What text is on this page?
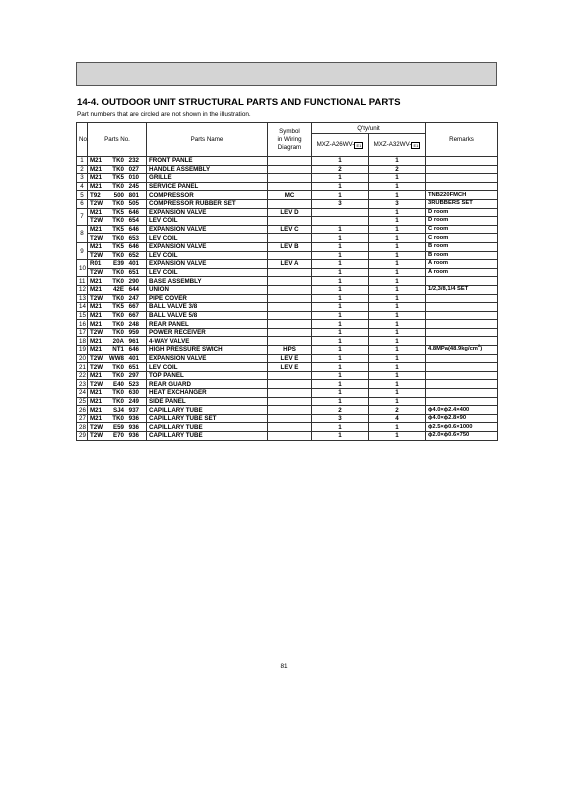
14-4. OUTDOOR UNIT STRUCTURAL PARTS AND FUNCTIONAL PARTS
Part numbers that are circled are not shown in the illustration.
No.	Parts No.	Parts Name	Symbol
in Wiring
Diagram	Q'ty/unit		Remarks
				MXZ-A26WV- E1	MXZ-A32WV- E1	
1	M21 TK0 232	FRONT PANLE		1	1	
2	M21 TK0 027	HANDLE ASSEMBLY		2	2	
3	M21 TK5 010	GRILLE		1	1	
4	M21 TK0 245	SERVICE PANEL		1	1	
5	T92 500 801	COMPRESSOR	MC	1	1	TNB220FMCH
6	T2W TK0 505	COMPRESSOR RUBBER SET		3	3	3RUBBERS SET
7	M21 TK5 646	EXPANSION VALVE	LEV D		1	D room
	T2W TK0 654	LEV COIL			1	D room
8	M21 TK5 646	EXPANSION VALVE	LEV C	1	1	C room
	T2W TK0 653	LEV COIL		1	1	C room
9	M21 TK5 646	EXPANSION VALVE	LEV B	1	1	B room
	T2W TK0 652	LEV COIL		1	1	B room
10	R01 E39 401	EXPANSION VALVE	LEV A	1	1	A room
	T2W TK0 651	LEV COIL		1	1	A room
11	M21 TK0 290	BASE ASSEMBLY		1	1	
12	M21 42E 644	UNION		1	1	1/2,3/8,1/4 SET
13	T2W TK0 247	PIPE COVER		1	1	
14	M21 TK5 667	BALL VALVE 3/8		1	1	
15	M21 TK0 667	BALL VALVE 5/8		1	1	
16	M21 TK0 248	REAR PANEL		1	1	
17	T2W TK0 959	POWER RECEIVER		1	1	
18	M21 20A 961	4-WAY VALVE		1	1	
19	M21 NT1 646	HIGH PRESSURE SWICH	HPS	1	1	$4.8MPa(48.9kg/cm^2)$
20	T2W WW8 401	EXPANSION VALVE	LEV E	1	1	
21	T2W TK0 651	LEV COIL	LEV E	1	1	
22	M21 TK0 297	TOP PANEL		1	1	
23	T2W E40 523	REAR GUARD		1	1	
24	M21 TK0 630	HEAT EXCHANGER		1	1	
25	M21 TK0 249	SIDE PANEL		1	1	
26	M21 SJ4 937	CAPILLARY TUBE		2	2	ϕ4.0×ϕ2.4×400
27	M21 TK0 936	CAPILLARY TUBE SET		3	4	ϕ4.0×ϕ2.8×90
28	T2W E59 936	CAPILLARY TUBE		1	1	ϕ2.5×ϕ0.6×1000
29	T2W E70 936	CAPILLARY TUBE		1	1	ϕ2.0×ϕ0.6×750
81
